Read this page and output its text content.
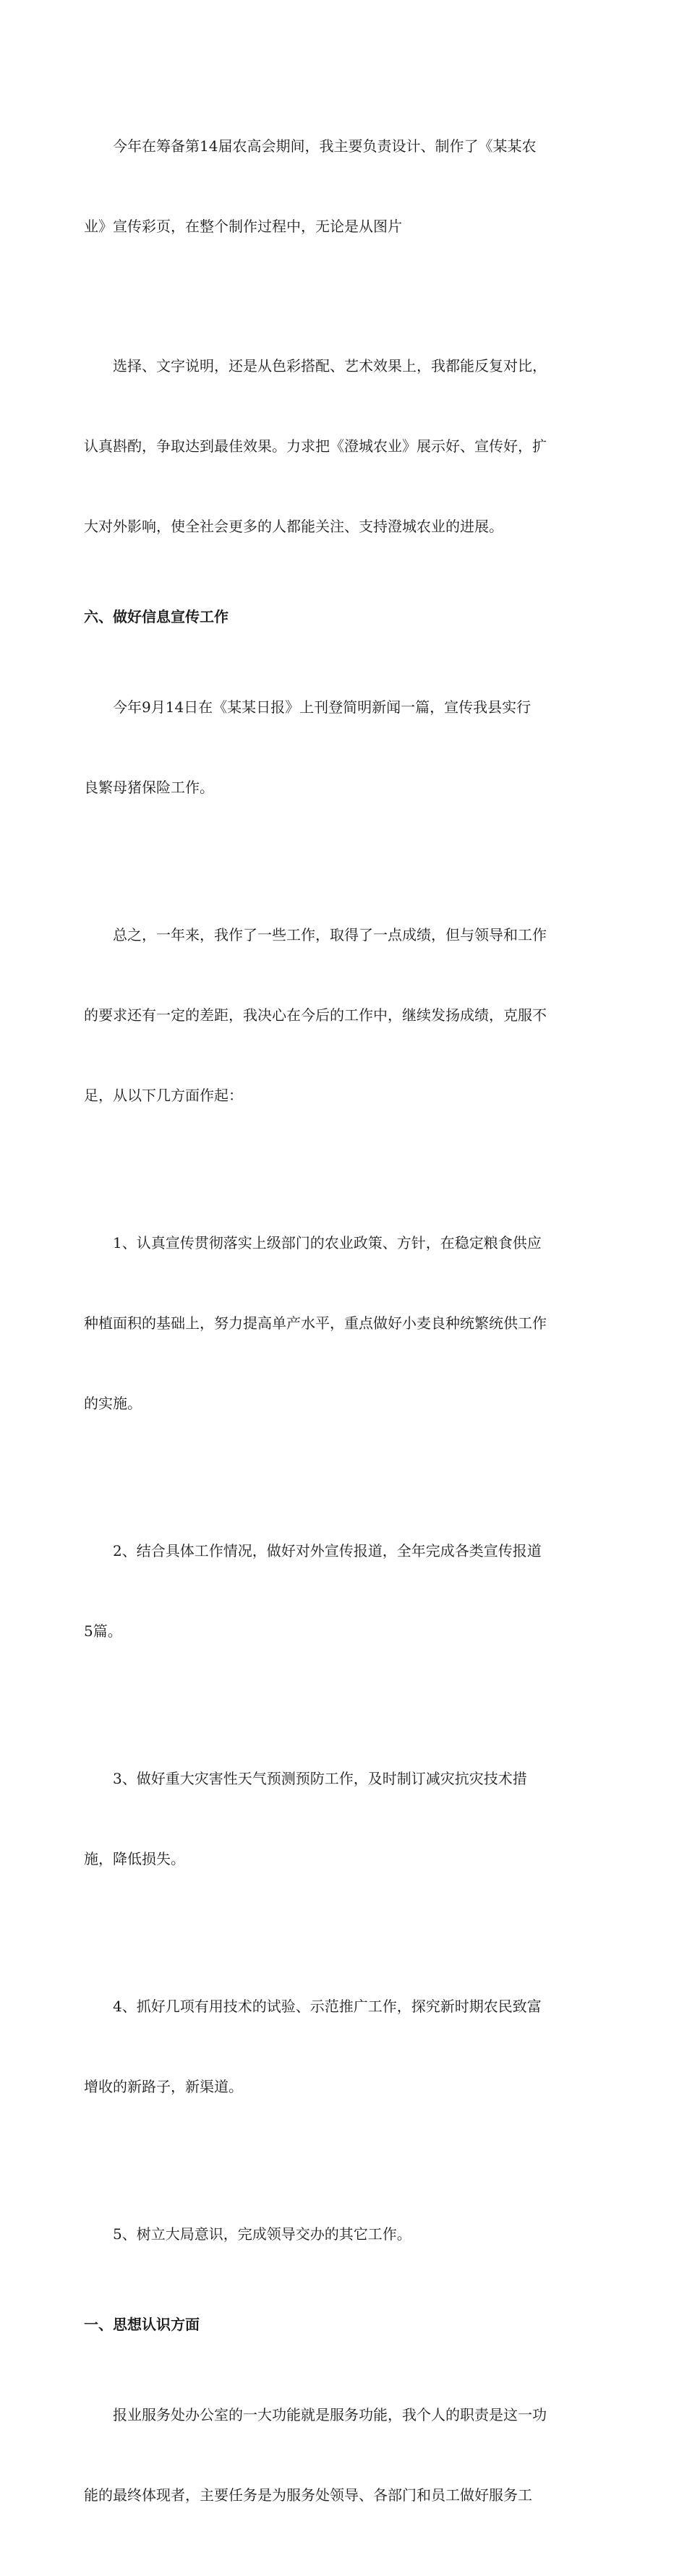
今年在筹备第14届农高会期间，我主要负责设计、制作了《某某农

业》宣传彩页，在整个制作过程中，无论是从图片

选择、文字说明，还是从色彩搭配、艺术效果上，我都能反复对比，

认真斟酌，争取达到最佳效果。力求把《澄城农业》展示好、宣传好，扩

大对外影响，使全社会更多的人都能关注、支持澄城农业的进展。

六、做好信息宣传工作

今年9月14日在《某某日报》上刊登简明新闻一篇，宣传我县实行

良繁母猪保险工作。

总之，一年来，我作了一些工作，取得了一点成绩，但与领导和工作

的要求还有一定的差距，我决心在今后的工作中，继续发扬成绩，克服不

足，从以下几方面作起：

1、认真宣传贯彻落实上级部门的农业政策、方针，在稳定粮食供应

种植面积的基础上，努力提高单产水平，重点做好小麦良种统繁统供工作

的实施。

2、结合具体工作情况，做好对外宣传报道，全年完成各类宣传报道

5篇。

3、做好重大灾害性天气预测预防工作，及时制订减灾抗灾技术措

施，降低损失。

4、抓好几项有用技术的试验、示范推广工作，探究新时期农民致富

增收的新路子，新渠道。

5、树立大局意识，完成领导交办的其它工作。

一、思想认识方面

报业服务处办公室的一大功能就是服务功能，我个人的职责是这一功

能的最终体现者，主要任务是为服务处领导、各部门和员工做好服务工
